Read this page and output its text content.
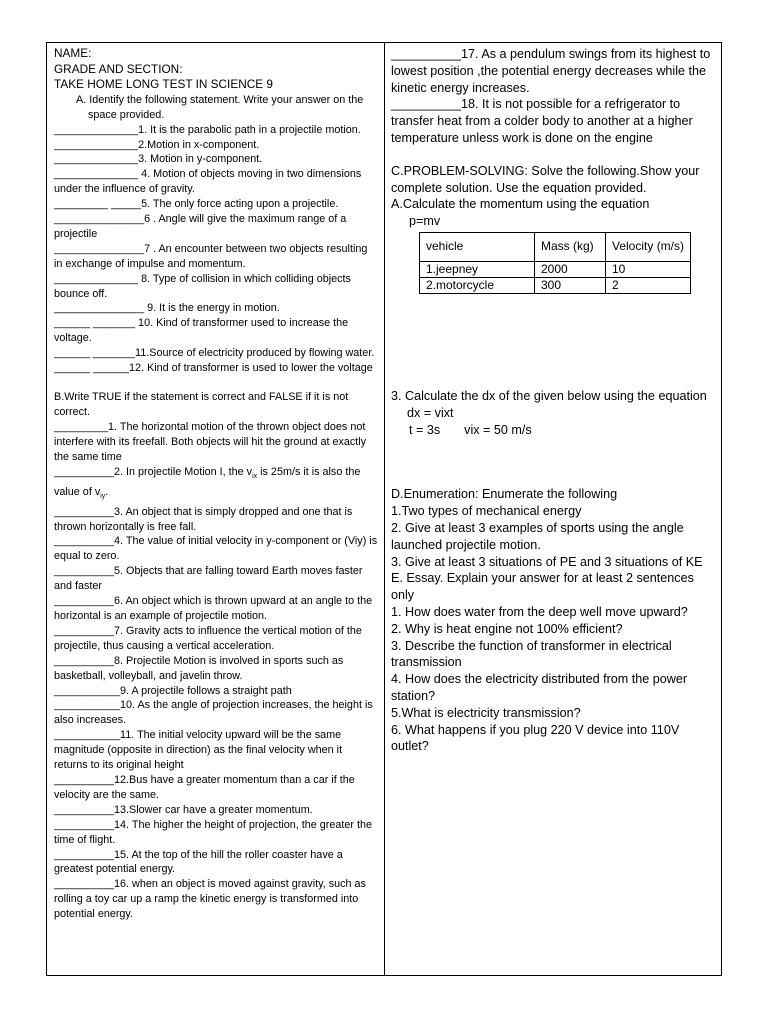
NAME:

GRADE AND SECTION:

TAKE HOME LONG TEST IN SCIENCE 9

A. Identify the following statement. Write your answer on the space provided.

______________1. It is the parabolic path in a projectile motion.

______________2.Motion in x-component.

______________3. Motion in y-component.

______________ 4. Motion of objects moving in two dimensions under the influence of gravity.

_________ _____5. The only force acting upon a projectile.

_______________6 . Angle will give the maximum range of a projectile

_______________7 . An encounter between two objects resulting in exchange of impulse and momentum.

______________ 8. Type of collision in which colliding objects bounce off.

_______________ 9. It is the energy in motion.

______ _______ 10. Kind of transformer used to increase the voltage.

______ _______11.Source of electricity produced by flowing water.

______ ______12. Kind of transformer is used to lower the voltage

B.Write TRUE if the statement is correct and FALSE if it is not correct.

_________1. The horizontal motion of the thrown object does not interfere with its freefall. Both objects will hit the ground at exactly the same time

__________2. In projectile Motion I, the $v_{ix}$ is 25m/s it is also the value of $v_{iy}$.

__________3. An object that is simply dropped and one that is thrown horizontally is free fall.

__________4. The value of initial velocity in y-component or (Viy) is equal to zero.

__________5. Objects that are falling toward Earth moves faster and faster

__________6. An object which is thrown upward at an angle to the horizontal is an example of projectile motion.

__________7. Gravity acts to influence the vertical motion of the projectile, thus causing a vertical acceleration.

__________8. Projectile Motion is involved in sports such as basketball, volleyball, and javelin throw.

___________9. A projectile follows a straight path

___________10. As the angle of projection increases, the height is also increases.

___________11. The initial velocity upward will be the same magnitude (opposite in direction) as the final velocity when it returns to its original height

__________12.Bus have a greater momentum than a car if the velocity are the same.

__________13.Slower car have a greater momentum.

__________14. The higher the height of projection, the greater the time of flight.

__________15. At the top of the hill the roller coaster have a greatest potential energy.

__________16. when an object is moved against gravity, such as rolling a toy car up a ramp the kinetic energy is transformed into potential energy.

__________17. As a pendulum swings from its highest to lowest position ,the potential energy decreases while the kinetic energy increases.

__________18. It is not possible for a refrigerator to transfer heat from a colder body to another at a higher temperature unless work is done on the engine

C.PROBLEM-SOLVING: Solve the following.Show your complete solution. Use the equation provided.

A.Calculate the momentum using the equation

p=mv

vehicle	Mass (kg)	Velocity (m/s)
1.jeepney	2000	10
2.motorcycle	300	2

3. Calculate the dx of the given below using the equation

dx = vixt

t = 3s vix = 50 m/s

D.Enumeration: Enumerate the following

1.Two types of mechanical energy

2. Give at least 3 examples of sports using the angle launched projectile motion.

3. Give at least 3 situations of PE and 3 situations of KE

E. Essay. Explain your answer for at least 2 sentences only

1. How does water from the deep well move upward?

2. Why is heat engine not 100% efficient?

3. Describe the function of transformer in electrical transmission

4. How does the electricity distributed from the power station?

5.What is electricity transmission?

6. What happens if you plug 220 V device into 110V outlet?
